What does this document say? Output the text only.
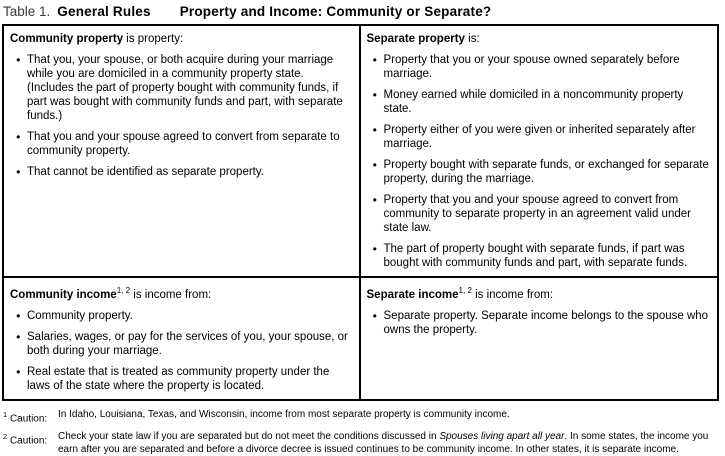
Table 1. General Rules Property and Income: Community or Separate?
Community property is property:
● That you, your spouse, or both acquire during your marriage while you are domiciled in a community property state. (Includes the part of property bought with community funds, if part was bought with community funds and part, with separate funds.)
● That you and your spouse agreed to convert from separate to community property.
● That cannot be identified as separate property.
Separate property is:
● Property that you or your spouse owned separately before marriage.
● Money earned while domiciled in a noncommunity property state.
● Property either of you were given or inherited separately after marriage.
● Property bought with separate funds, or exchanged for separate property, during the marriage.
● Property that you and your spouse agreed to convert from community to separate property in an agreement valid under state law.
● The part of property bought with separate funds, if part was bought with community funds and part, with separate funds.
Community income$^{1, 2}$ is income from:
● Community property.
● Salaries, wages, or pay for the services of you, your spouse, or both during your marriage.
● Real estate that is treated as community property under the laws of the state where the property is located.
Separate income$^{1, 2}$ is income from:
● Separate property. Separate income belongs to the spouse who owns the property.
$^1$ Caution:	In Idaho, Louisiana, Texas, and Wisconsin, income from most separate property is community income.
$^2$ Caution:	Check your state law if you are separated but do not meet the conditions discussed in Spouses living apart all year. In some states, the income you earn after you are separated and before a divorce decree is issued continues to be community income. In other states, it is separate income.
